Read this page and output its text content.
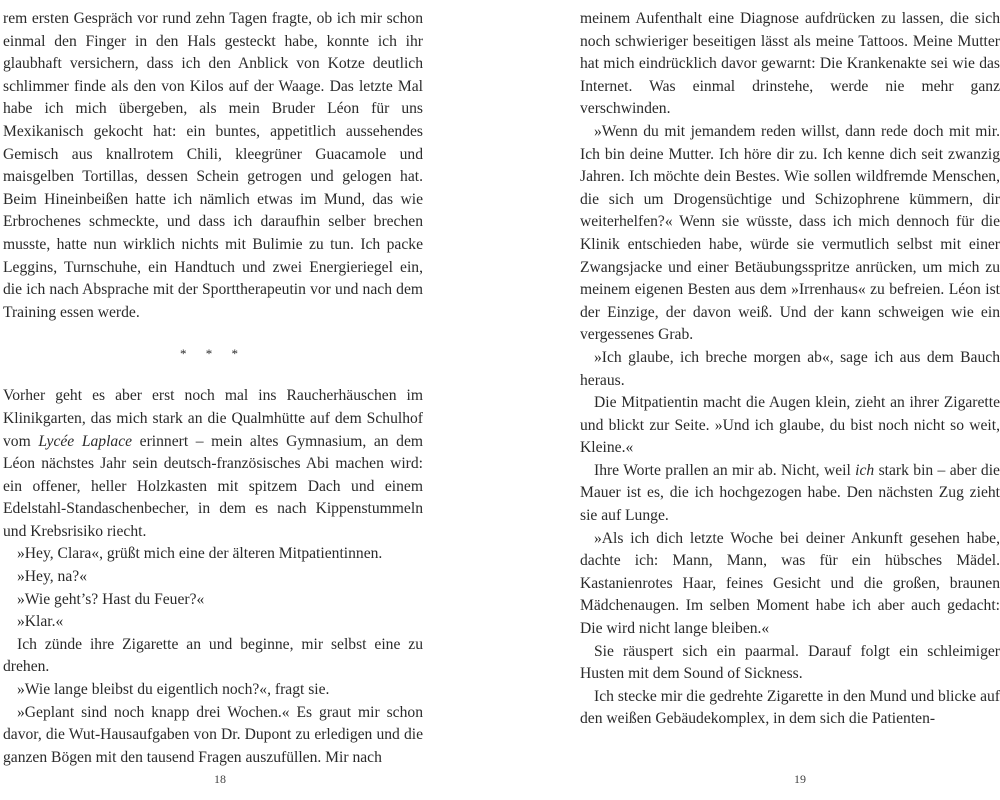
rem ersten Gespräch vor rund zehn Tagen fragte, ob ich mir schon einmal den Finger in den Hals gesteckt habe, konnte ich ihr glaubhaft versichern, dass ich den Anblick von Kotze deutlich schlimmer finde als den von Kilos auf der Waage. Das letzte Mal habe ich mich übergeben, als mein Bruder Léon für uns Mexikanisch gekocht hat: ein buntes, appetitlich aussehendes Gemisch aus knallrotem Chili, kleegrüner Guacamole und maisgelben Tortillas, dessen Schein getrogen und gelogen hat. Beim Hineinbeißen hatte ich nämlich etwas im Mund, das wie Erbrochenes schmeckte, und dass ich daraufhin selber brechen musste, hatte nun wirklich nichts mit Bulimie zu tun. Ich packe Leggins, Turnschuhe, ein Handtuch und zwei Energieriegel ein, die ich nach Absprache mit der Sporttherapeutin vor und nach dem Training essen werde.

* * *

Vorher geht es aber erst noch mal ins Raucherhäuschen im Klinikgarten, das mich stark an die Qualmhütte auf dem Schulhof vom Lycée Laplace erinnert – mein altes Gymnasium, an dem Léon nächstes Jahr sein deutsch-französisches Abi machen wird: ein offener, heller Holzkasten mit spitzem Dach und einem Edelstahl-Standaschenbecher, in dem es nach Kippenstummeln und Krebsrisiko riecht.

»Hey, Clara«, grüßt mich eine der älteren Mitpatientinnen.

»Hey, na?«

»Wie geht’s? Hast du Feuer?«

»Klar.«

Ich zünde ihre Zigarette an und beginne, mir selbst eine zu drehen.

»Wie lange bleibst du eigentlich noch?«, fragt sie.

»Geplant sind noch knapp drei Wochen.« Es graut mir schon davor, die Wut-Hausaufgaben von Dr. Dupont zu erledigen und die ganzen Bögen mit den tausend Fragen auszufüllen. Mir nach

meinem Aufenthalt eine Diagnose aufdrücken zu lassen, die sich noch schwieriger beseitigen lässt als meine Tattoos. Meine Mutter hat mich eindrücklich davor gewarnt: Die Krankenakte sei wie das Internet. Was einmal drinstehe, werde nie mehr ganz verschwinden.

»Wenn du mit jemandem reden willst, dann rede doch mit mir. Ich bin deine Mutter. Ich höre dir zu. Ich kenne dich seit zwanzig Jahren. Ich möchte dein Bestes. Wie sollen wildfremde Menschen, die sich um Drogensüchtige und Schizophrene kümmern, dir weiterhelfen?« Wenn sie wüsste, dass ich mich dennoch für die Klinik entschieden habe, würde sie vermutlich selbst mit einer Zwangsjacke und einer Betäubungsspritze anrücken, um mich zu meinem eigenen Besten aus dem »Irrenhaus« zu befreien. Léon ist der Einzige, der davon weiß. Und der kann schweigen wie ein vergessenes Grab.

»Ich glaube, ich breche morgen ab«, sage ich aus dem Bauch heraus.

Die Mitpatientin macht die Augen klein, zieht an ihrer Zigarette und blickt zur Seite. »Und ich glaube, du bist noch nicht so weit, Kleine.«

Ihre Worte prallen an mir ab. Nicht, weil ich stark bin – aber die Mauer ist es, die ich hochgezogen habe. Den nächsten Zug zieht sie auf Lunge.

»Als ich dich letzte Woche bei deiner Ankunft gesehen habe, dachte ich: Mann, Mann, was für ein hübsches Mädel. Kastanienrotes Haar, feines Gesicht und die großen, braunen Mädchenaugen. Im selben Moment habe ich aber auch gedacht: Die wird nicht lange bleiben.«

Sie räuspert sich ein paarmal. Darauf folgt ein schleimiger Husten mit dem Sound of Sickness.

Ich stecke mir die gedrehte Zigarette in den Mund und blicke auf den weißen Gebäudekomplex, in dem sich die Patienten-

18	19
